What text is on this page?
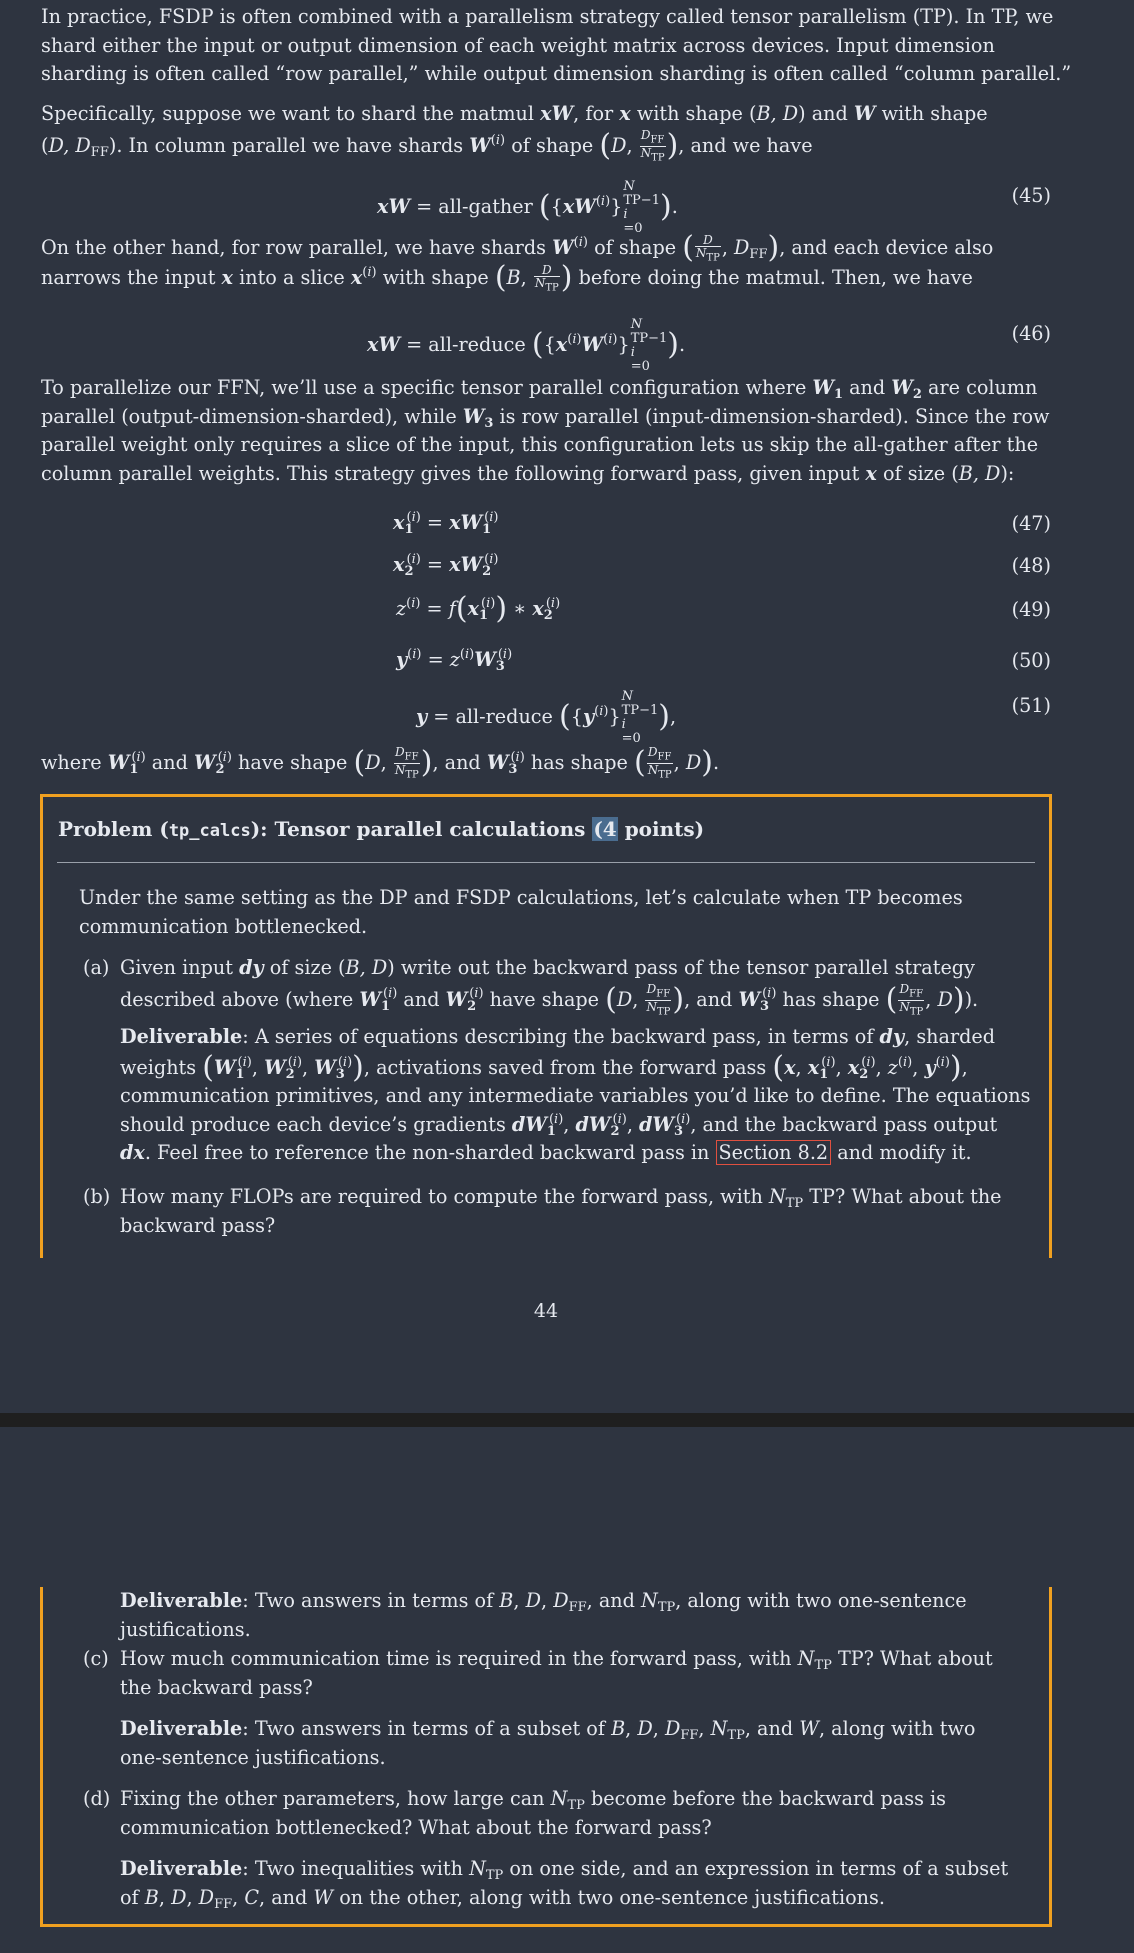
In practice, FSDP is often combined with a parallelism strategy called tensor parallelism (TP). In TP, we
shard either the input or output dimension of each weight matrix across devices. Input dimension
sharding is often called “row parallel,” while output dimension sharding is often called “column parallel.”
Specifically, suppose we want to shard the matmul xW, for x with shape (B, D) and W with shape
(D, $D_{FF}$). In column parallel we have shards $W^{(i)}$ of shape (D, $\frac{D_{FF}}{N_{TP}}$ ), and we have
xW = all-gather ($\{xW^{(i)}\}$
N
TP−1
i
=0
).	(45)
On the other hand, for row parallel, we have shards $W^{(i)}$ of shape ( $\frac{D}{N_{TP}}$ , $D_{FF}$), and each device also
narrows the input x into a slice $x^{(i)}$ with shape (B, $\frac{D}{N_{TP}}$ ) before doing the matmul. Then, we have
xW = all-reduce ($\{x^{(i)}W^{(i)}\}$
N
TP−1
i
=0
).	(46)
To parallelize our FFN, we’ll use a specific tensor parallel configuration where $W_1$ and $W_2$ are column
parallel (output-dimension-sharded), while $W_3$ is row parallel (input-dimension-sharded). Since the row
parallel weight only requires a slice of the input, this configuration lets us skip the all-gather after the
column parallel weights. This strategy gives the following forward pass, given input x of size (B, D):
$x_1^{(i)} = xW_1^{(i)}$	(47)
$x_2^{(i)} = xW_2^{(i)}$	(48)
$z^{(i)} = f(x_1^{(i)})$ ∗ $x_2^{(i)}$	(49)
$y^{(i)} = z^{(i)}W_3^{(i)}$	(50)
y = all-reduce ($\{y^{(i)}\}$
N
TP−1
i
=0
),	(51)
where $W_1^{(i)}$ and $W_2^{(i)}$ have shape (D, $\frac{D_{FF}}{N_{TP}}$ ), and $W_3^{(i)}$ has shape ( $\frac{D_{FF}}{N_{TP}}$ , D).
Problem (tp_calcs): Tensor parallel calculations (4 points)
Under the same setting as the DP and FSDP calculations, let’s calculate when TP becomes
communication bottlenecked.
(a) Given input dy of size (B, D) write out the backward pass of the tensor parallel strategy
described above (where $W_1^{(i)}$ and $W_2^{(i)}$ have shape (D, $\frac{D_{FF}}{N_{TP}}$ ), and $W_3^{(i)}$ has shape ( $\frac{D_{FF}}{N_{TP}}$ , D)).
Deliverable: A series of equations describing the backward pass, in terms of dy, sharded
weights ($W_1^{(i)}$, $W_2^{(i)}$, $W_3^{(i)}$), activations saved from the forward pass (x, $x_1^{(i)}$, $x_2^{(i)}$, $z^{(i)}$, $y^{(i)}$),
communication primitives, and any intermediate variables you’d like to define. The equations
should produce each device’s gradients $dW_1^{(i)}$, $dW_2^{(i)}$, $dW_3^{(i)}$, and the backward pass output
dx. Feel free to reference the non-sharded backward pass in Section 8.2 and modify it.
(b) How many FLOPs are required to compute the forward pass, with $N_{TP}$ TP? What about the
backward pass?
44
Deliverable: Two answers in terms of B, D, $D_{FF}$, and $N_{TP}$, along with two one-sentence
justifications.
(c) How much communication time is required in the forward pass, with $N_{TP}$ TP? What about
the backward pass?
Deliverable: Two answers in terms of a subset of B, D, $D_{FF}$, $N_{TP}$, and W, along with two
one-sentence justifications.
(d) Fixing the other parameters, how large can $N_{TP}$ become before the backward pass is
communication bottlenecked? What about the forward pass?
Deliverable: Two inequalities with $N_{TP}$ on one side, and an expression in terms of a subset
of B, D, $D_{FF}$, C, and W on the other, along with two one-sentence justifications.
